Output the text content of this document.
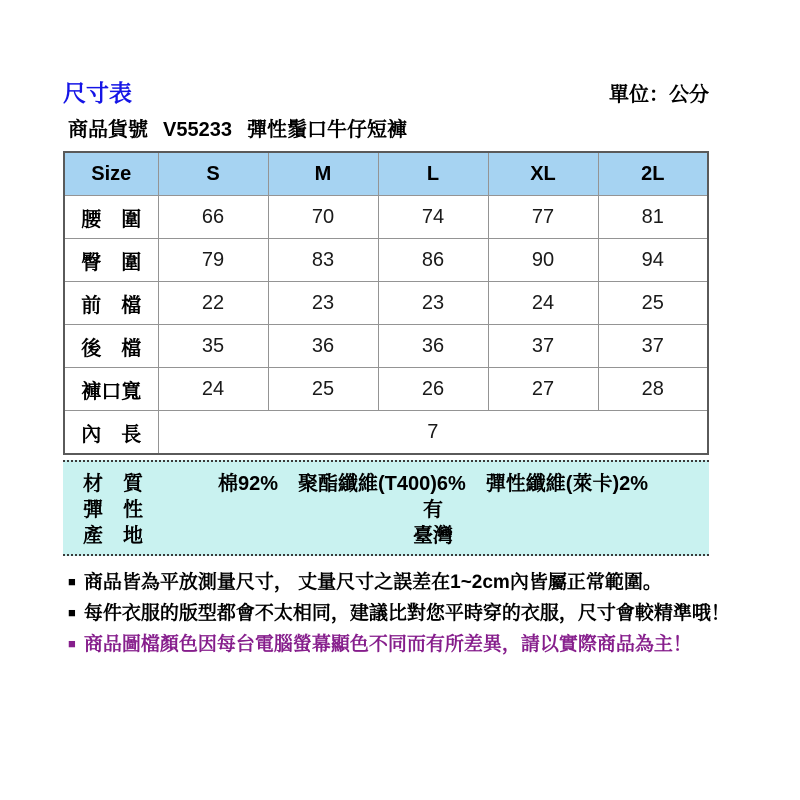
尺寸表	單位：公分
商品貨號 V55233 彈性鬚口牛仔短褲
Size	S	M	L	XL	2L
腰　圍	66	70	74	77	81
臀　圍	79	83	86	90	94
前　檔	22	23	23	24	25
後　檔	35	36	36	37	37
褲口寬	24	25	26	27	28
內　長	7				
材　質	棉92%　聚酯纖維(T400)6%　彈性纖維(萊卡)2%
彈　性	有
產　地	臺灣
■ 商品皆為平放測量尺寸， 丈量尺寸之誤差在1~2cm內皆屬正常範圍。
■ 每件衣服的版型都會不太相同，建議比對您平時穿的衣服，尺寸會較精準哦！
■ 商品圖檔顏色因每台電腦螢幕顯色不同而有所差異，請以實際商品為主！
